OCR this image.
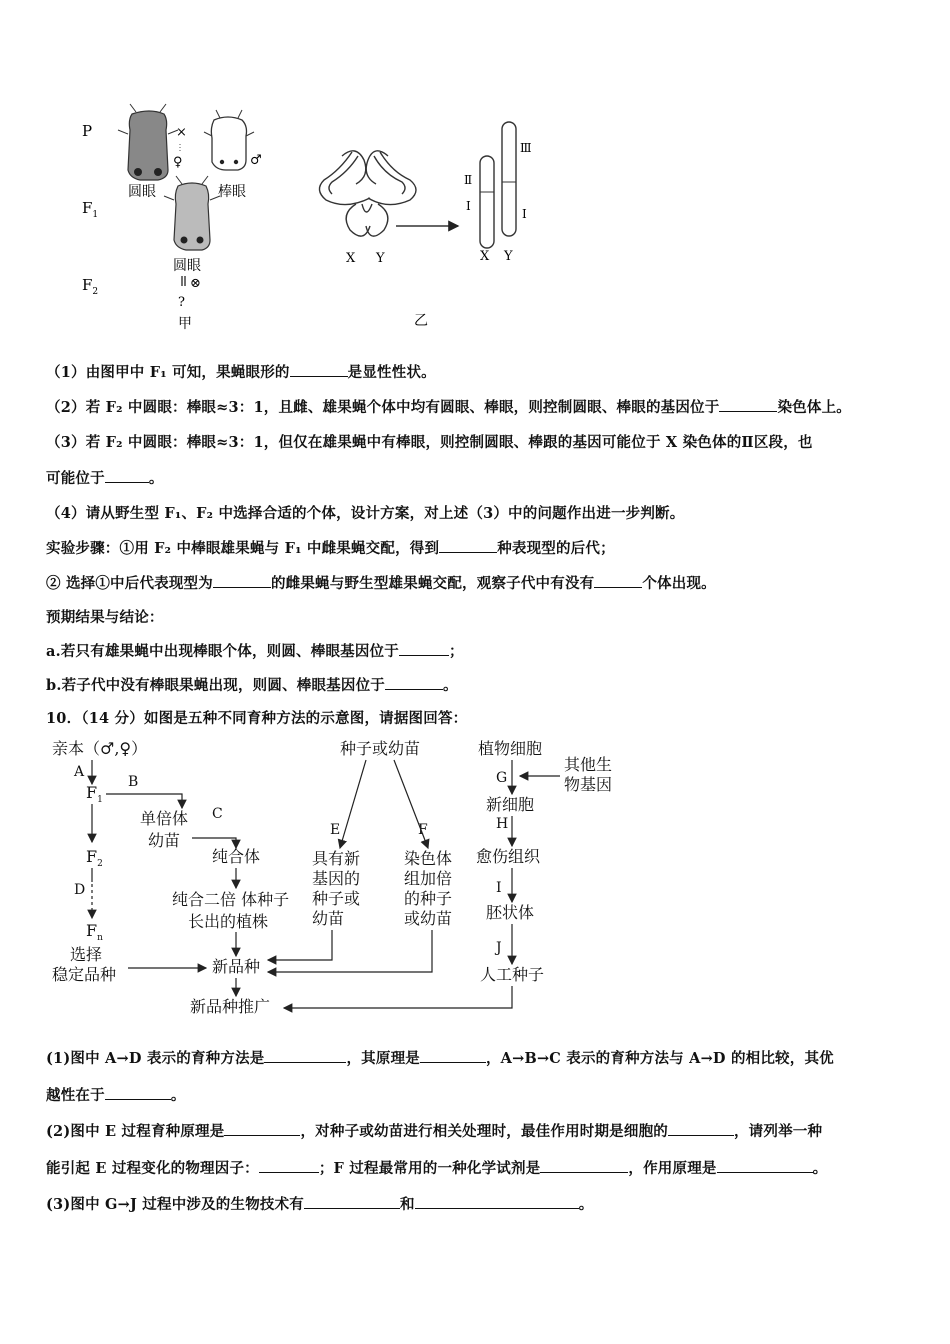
P
$F_1$
$F_2$
×
♀	♂
圆眼	棒眼
圆眼
⊗
?
甲
X Y
乙
Ⅱ
Ⅰ
Ⅲ
Ⅰ
X Y
（1）由图甲中 F₁ 可知，果蝇眼形的	是显性性状。
（2）若 F₂ 中圆眼：棒眼≈3：1，且雌、雄果蝇个体中均有圆眼、棒眼，则控制圆眼、棒眼的基因位于	染色体上。
（3）若 F₂ 中圆眼：棒眼≈3：1，但仅在雄果蝇中有棒眼，则控制圆眼、棒跟的基因可能位于 X 染色体的Ⅱ区段，也
可能位于	。
（4）请从野生型 F₁、F₂ 中选择合适的个体，设计方案，对上述（3）中的问题作出进一步判断。
实验步骤：①用 F₂ 中棒眼雄果蝇与 F₁ 中雌果蝇交配，得到	种表现型的后代；
② 选择①中后代表现型为	的雌果蝇与野生型雄果蝇交配，观察子代中有没有	个体出现。
预期结果与结论：
a.若只有雄果蝇中出现棒眼个体，则圆、棒眼基因位于	；
b.若子代中没有棒眼果蝇出现，则圆、棒眼基因位于	。
10．（14 分）如图是五种不同育种方法的示意图，请据图回答：
亲本（♂,♀）
A
$F_1$
B
单倍体
幼苗
C
纯合体
纯合二倍 体种子
长出的植株
$F_2$
D
$F_n$
选择
稳定品种	新品种
新品种推广
种子或幼苗
E	F
具有新
基因的
种子或
幼苗
染色体
组加倍
的种子
或幼苗
植物细胞
其他生
物基因
G
新细胞
H
愈伤组织
I
胚状体
J
人工种子
(1)图中 A→D 表示的育种方法是	，其原理是	，A→B→C 表示的育种方法与 A→D 的相比较，其优
越性在于	。
(2)图中 E 过程育种原理是	，对种子或幼苗进行相关处理时，最佳作用时期是细胞的	，请列举一种
能引起 E 过程变化的物理因子：	；F 过程最常用的一种化学试剂是	，作用原理是	。
(3)图中 G→J 过程中涉及的生物技术有	和	。
